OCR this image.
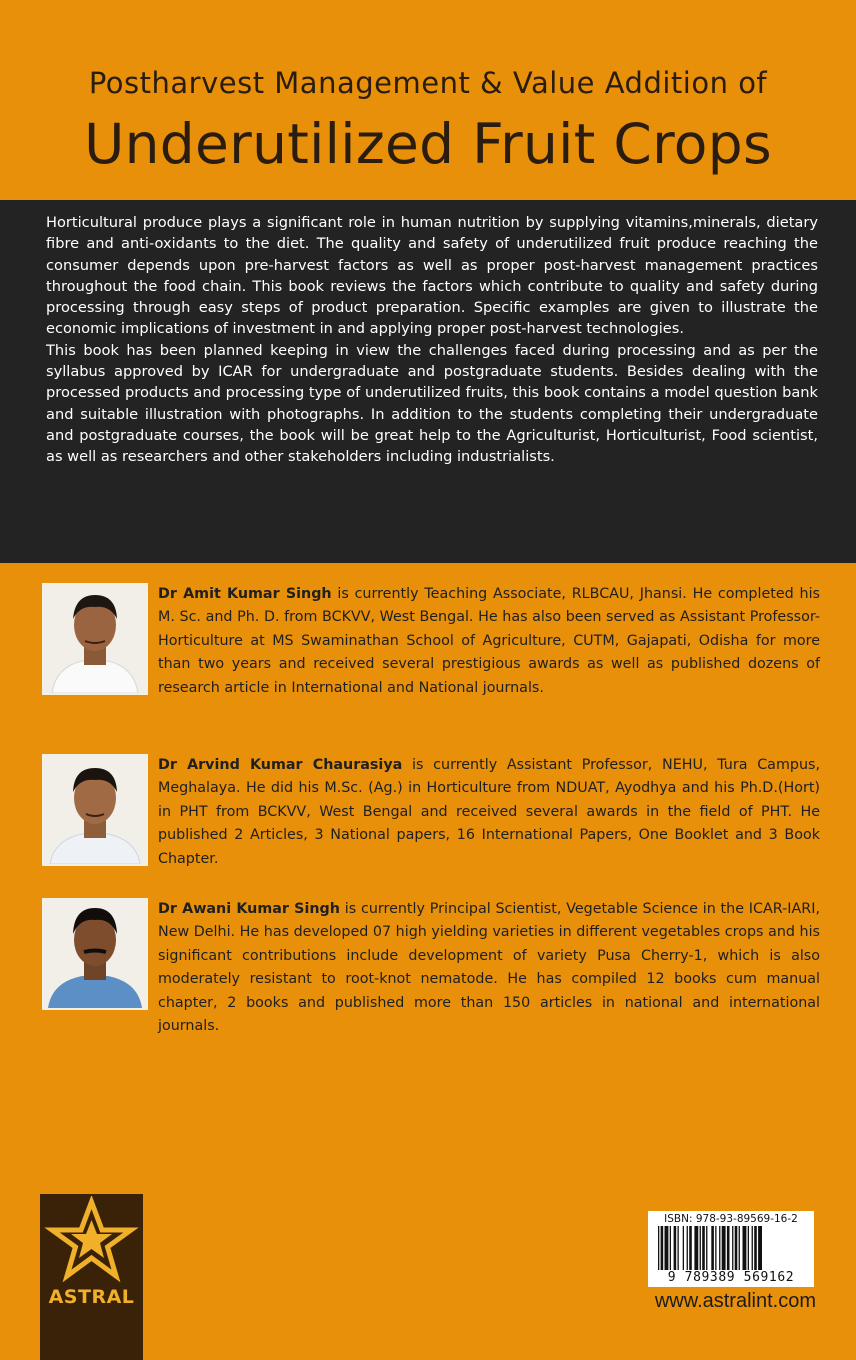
Postharvest Management & Value Addition of
Underutilized Fruit Crops

Horticultural produce plays a significant role in human nutrition by supplying vitamins,minerals, dietary fibre and anti-oxidants to the diet. The quality and safety of underutilized fruit produce reaching the consumer depends upon pre-harvest factors as well as proper post-harvest management practices throughout the food chain. This book reviews the factors which contribute to quality and safety during processing through easy steps of product preparation. Specific examples are given to illustrate the economic implications of investment in and applying proper post-harvest technologies.

This book has been planned keeping in view the challenges faced during processing and as per the syllabus approved by ICAR for undergraduate and postgraduate students. Besides dealing with the processed products and processing type of underutilized fruits, this book contains a model question bank and suitable illustration with photographs. In addition to the students completing their undergraduate and postgraduate courses, the book will be great help to the Agriculturist, Horticulturist, Food scientist, as well as researchers and other stakeholders including industrialists.

Dr Amit Kumar Singh is currently Teaching Associate, RLBCAU, Jhansi. He completed his M. Sc. and Ph. D. from BCKVV, West Bengal. He has also been served as Assistant Professor- Horticulture at MS Swaminathan School of Agriculture, CUTM, Gajapati, Odisha for more than two years and received several prestigious awards as well as published dozens of research article in International and National journals.
Dr Arvind Kumar Chaurasiya is currently Assistant Professor, NEHU, Tura Campus, Meghalaya. He did his M.Sc. (Ag.) in Horticulture from NDUAT, Ayodhya and his Ph.D.(Hort) in PHT from BCKVV, West Bengal and received several awards in the field of PHT. He published 2 Articles, 3 National papers, 16 International Papers, One Booklet and 3 Book Chapter.
Dr Awani Kumar Singh is currently Principal Scientist, Vegetable Science in the ICAR-IARI, New Delhi. He has developed 07 high yielding varieties in different vegetables crops and his significant contributions include development of variety Pusa Cherry-1, which is also moderately resistant to root-knot nematode. He has compiled 12 books cum manual chapter, 2 books and published more than 150 articles in national and international journals.
ASTRAL
ISBN: 978-93-89569-16-2
9 789389 569162
www.astralint.com
